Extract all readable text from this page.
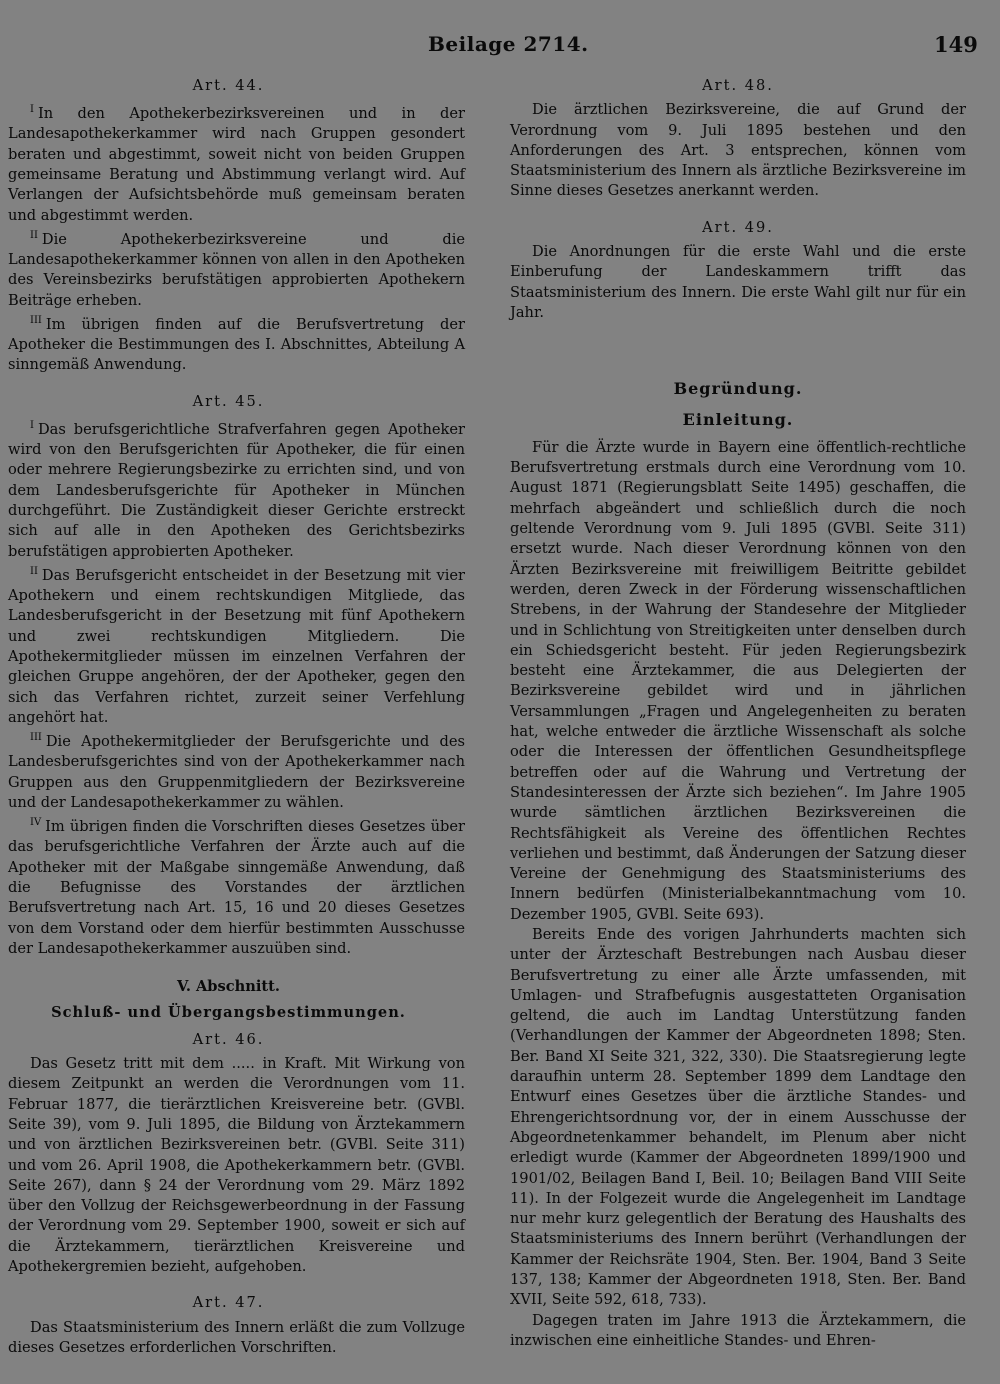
Beilage 2714.	149
Art. 44.

$^I$ In den Apothekerbezirksvereinen und in der Landesapothekerkammer wird nach Gruppen gesondert beraten und abgestimmt, soweit nicht von beiden Gruppen gemeinsame Beratung und Abstimmung verlangt wird. Auf Verlangen der Aufsichtsbehörde muß gemeinsam beraten und abgestimmt werden.

$^{II}$ Die Apothekerbezirksvereine und die Landesapothekerkammer können von allen in den Apotheken des Vereinsbezirks berufstätigen approbierten Apothekern Beiträge erheben.

$^{III}$ Im übrigen finden auf die Berufsvertretung der Apotheker die Bestimmungen des I. Abschnittes, Abteilung A sinngemäß Anwendung.

Art. 45.

$^I$ Das berufsgerichtliche Strafverfahren gegen Apotheker wird von den Berufsgerichten für Apotheker, die für einen oder mehrere Regierungsbezirke zu errichten sind, und von dem Landesberufsgerichte für Apotheker in München durchgeführt. Die Zuständigkeit dieser Gerichte erstreckt sich auf alle in den Apotheken des Gerichtsbezirks berufstätigen approbierten Apotheker.

$^{II}$ Das Berufsgericht entscheidet in der Besetzung mit vier Apothekern und einem rechtskundigen Mitgliede, das Landesberufsgericht in der Besetzung mit fünf Apothekern und zwei rechtskundigen Mitgliedern. Die Apothekermitglieder müssen im einzelnen Verfahren der gleichen Gruppe angehören, der der Apotheker, gegen den sich das Verfahren richtet, zurzeit seiner Verfehlung angehört hat.

$^{III}$ Die Apothekermitglieder der Berufsgerichte und des Landesberufsgerichtes sind von der Apothekerkammer nach Gruppen aus den Gruppenmitgliedern der Bezirksvereine und der Landesapothekerkammer zu wählen.

$^{IV}$ Im übrigen finden die Vorschriften dieses Gesetzes über das berufsgerichtliche Verfahren der Ärzte auch auf die Apotheker mit der Maßgabe sinngemäße Anwendung, daß die Befugnisse des Vorstandes der ärztlichen Berufsvertretung nach Art. 15, 16 und 20 dieses Gesetzes von dem Vorstand oder dem hierfür bestimmten Ausschusse der Landesapothekerkammer auszuüben sind.

V. Abschnitt.
Schluß- und Übergangsbestimmungen.
Art. 46.

Das Gesetz tritt mit dem ..... in Kraft. Mit Wirkung von diesem Zeitpunkt an werden die Verordnungen vom 11. Februar 1877, die tierärztlichen Kreisvereine betr. (GVBl. Seite 39), vom 9. Juli 1895, die Bildung von Ärztekammern und von ärztlichen Bezirksvereinen betr. (GVBl. Seite 311) und vom 26. April 1908, die Apothekerkammern betr. (GVBl. Seite 267), dann § 24 der Verordnung vom 29. März 1892 über den Vollzug der Reichsgewerbeordnung in der Fassung der Verordnung vom 29. September 1900, soweit er sich auf die Ärztekammern, tierärztlichen Kreisvereine und Apothekergremien bezieht, aufgehoben.

Art. 47.

Das Staatsministerium des Innern erläßt die zum Vollzuge dieses Gesetzes erforderlichen Vorschriften.

Art. 48.

Die ärztlichen Bezirksvereine, die auf Grund der Verordnung vom 9. Juli 1895 bestehen und den Anforderungen des Art. 3 entsprechen, können vom Staatsministerium des Innern als ärztliche Bezirksvereine im Sinne dieses Gesetzes anerkannt werden.

Art. 49.

Die Anordnungen für die erste Wahl und die erste Einberufung der Landeskammern trifft das Staatsministerium des Innern. Die erste Wahl gilt nur für ein Jahr.

Begründung.
Einleitung.

Für die Ärzte wurde in Bayern eine öffentlich-rechtliche Berufsvertretung erstmals durch eine Verordnung vom 10. August 1871 (Regierungsblatt Seite 1495) geschaffen, die mehrfach abgeändert und schließlich durch die noch geltende Verordnung vom 9. Juli 1895 (GVBl. Seite 311) ersetzt wurde. Nach dieser Verordnung können von den Ärzten Bezirksvereine mit freiwilligem Beitritte gebildet werden, deren Zweck in der Förderung wissenschaftlichen Strebens, in der Wahrung der Standesehre der Mitglieder und in Schlichtung von Streitigkeiten unter denselben durch ein Schiedsgericht besteht. Für jeden Regierungsbezirk besteht eine Ärztekammer, die aus Delegierten der Bezirksvereine gebildet wird und in jährlichen Versammlungen „Fragen und Angelegenheiten zu beraten hat, welche entweder die ärztliche Wissenschaft als solche oder die Interessen der öffentlichen Gesundheitspflege betreffen oder auf die Wahrung und Vertretung der Standesinteressen der Ärzte sich beziehen“. Im Jahre 1905 wurde sämtlichen ärztlichen Bezirksvereinen die Rechtsfähigkeit als Vereine des öffentlichen Rechtes verliehen und bestimmt, daß Änderungen der Satzung dieser Vereine der Genehmigung des Staatsministeriums des Innern bedürfen (Ministerialbekanntmachung vom 10. Dezember 1905, GVBl. Seite 693).

Bereits Ende des vorigen Jahrhunderts machten sich unter der Ärzteschaft Bestrebungen nach Ausbau dieser Berufsvertretung zu einer alle Ärzte umfassenden, mit Umlagen- und Strafbefugnis ausgestatteten Organisation geltend, die auch im Landtag Unterstützung fanden (Verhandlungen der Kammer der Abgeordneten 1898; Sten. Ber. Band XI Seite 321, 322, 330). Die Staatsregierung legte daraufhin unterm 28. September 1899 dem Landtage den Entwurf eines Gesetzes über die ärztliche Standes- und Ehrengerichtsordnung vor, der in einem Ausschusse der Abgeordnetenkammer behandelt, im Plenum aber nicht erledigt wurde (Kammer der Abgeordneten 1899/1900 und 1901/02, Beilagen Band I, Beil. 10; Beilagen Band VIII Seite 11). In der Folgezeit wurde die Angelegenheit im Landtage nur mehr kurz gelegentlich der Beratung des Haushalts des Staatsministeriums des Innern berührt (Verhandlungen der Kammer der Reichsräte 1904, Sten. Ber. 1904, Band 3 Seite 137, 138; Kammer der Abgeordneten 1918, Sten. Ber. Band XVII, Seite 592, 618, 733).

Dagegen traten im Jahre 1913 die Ärztekammern, die inzwischen eine einheitliche Standes- und Ehren-
